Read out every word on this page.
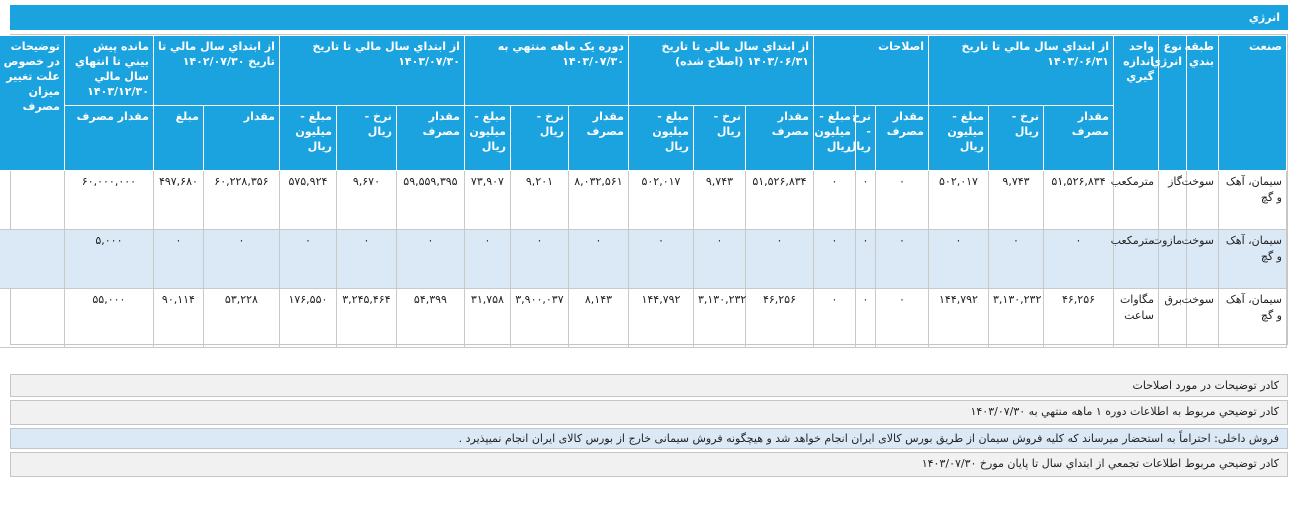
انرژي
صنعت	طبقه بندي	نوع انرژي	واحد اندازه گيري	از ابتداي سال مالي تا تاريخ ۱۴۰۳/۰۶/۳۱			اصلاحات			از ابتداي سال مالي تا تاريخ ۱۴۰۳/۰۶/۳۱ (اصلاح شده)			دوره يک ماهه منتهي به ۱۴۰۳/۰۷/۳۰			از ابتداي سال مالي تا تاريخ ۱۴۰۳/۰۷/۳۰			از ابتداي سال مالي تا تاريخ ۱۴۰۲/۰۷/۳۰		مانده پيش بيني تا انتهاي سال مالي ۱۴۰۳/۱۲/۳۰	توضيحات در خصوص علت تغيير ميزان مصرف
				مقدار مصرف	نرخ - ريال	مبلغ - ميليون ريال	مقدار مصرف	نرخ - ريال	مبلغ - ميليون ريال	مقدار مصرف	نرخ - ريال	مبلغ - ميليون ريال	مقدار مصرف	نرخ - ريال	مبلغ - ميليون ريال	مقدار مصرف	نرخ - ريال	مبلغ - ميليون ريال	مقدار	مبلغ	مقدار مصرف	
سيمان، آهک و گچ	سوخت	گاز	مترمکعب	۵۱,۵۲۶,۸۳۴	۹,۷۴۳	۵۰۲,۰۱۷	۰	۰	۰	۵۱,۵۲۶,۸۳۴	۹,۷۴۳	۵۰۲,۰۱۷	۸,۰۳۲,۵۶۱	۹,۲۰۱	۷۳,۹۰۷	۵۹,۵۵۹,۳۹۵	۹,۶۷۰	۵۷۵,۹۲۴	۶۰,۲۲۸,۳۵۶	۴۹۷,۶۸۰	۶۰,۰۰۰,۰۰۰	
سيمان، آهک و گچ	سوخت	مازوت	مترمکعب	۰	۰	۰	۰	۰	۰	۰	۰	۰	۰	۰	۰	۰	۰	۰	۰	۰	۵,۰۰۰	
سيمان، آهک و گچ	سوخت	برق	مگاوات ساعت	۴۶,۲۵۶	۳,۱۳۰,۲۳۲	۱۴۴,۷۹۲	۰	۰	۰	۴۶,۲۵۶	۳,۱۳۰,۲۳۲	۱۴۴,۷۹۲	۸,۱۴۳	۳,۹۰۰,۰۳۷	۳۱,۷۵۸	۵۴,۳۹۹	۳,۲۴۵,۴۶۴	۱۷۶,۵۵۰	۵۳,۲۲۸	۹۰,۱۱۴	۵۵,۰۰۰	
کادر توضيحات در مورد اصلاحات
کادر توضيحي مربوط به اطلاعات دوره ۱ ماهه منتهي به ۱۴۰۳/۰۷/۳۰
فروش داخلی: احتراماً به استحضار میرساند که کلیه فروش سیمان از طریق بورس کالای ایران انجام خواهد شد و هیچگونه فروش سیمانی خارج از بورس کالای ایران انجام نمیپذیرد .
کادر توضيحي مربوط اطلاعات تجمعي از ابتداي سال تا پايان مورخ ۱۴۰۳/۰۷/۳۰
